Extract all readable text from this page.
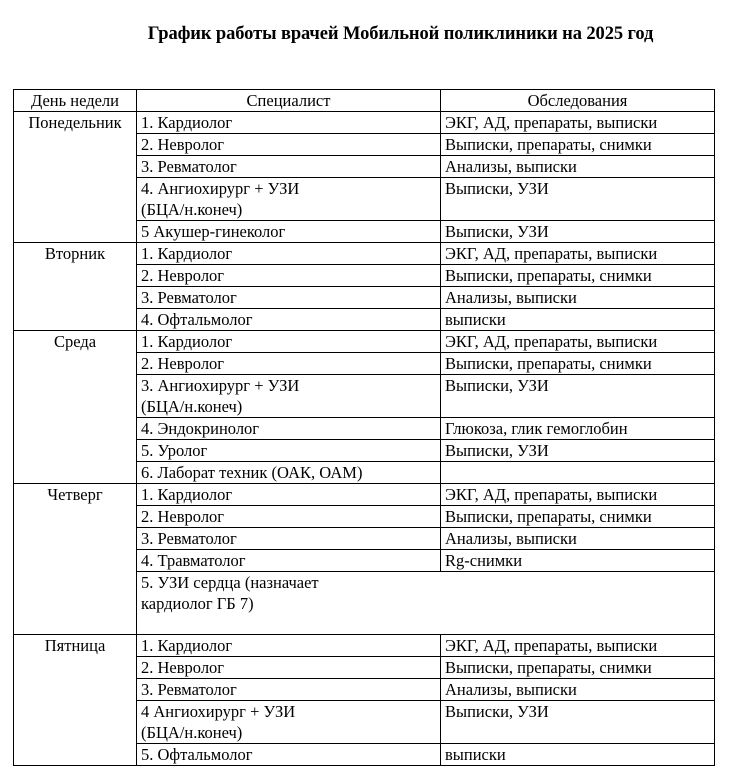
График работы врачей Мобильной поликлиники на 2025 год
День недели	Специалист	Обследования
Понедельник	1. Кардиолог	ЭКГ, АД, препараты, выписки

	2. Невролог	Выписки, препараты, снимки

	3. Ревматолог	Анализы, выписки

	4. Ангиохирург + УЗИ
(БЦА/н.конеч)	Выписки, УЗИ

	5 Акушер-гинеколог	Выписки, УЗИ
Вторник	1. Кардиолог	ЭКГ, АД, препараты, выписки

	2. Невролог	Выписки, препараты, снимки

	3. Ревматолог	Анализы, выписки

	4. Офтальмолог	выписки
Среда	1. Кардиолог	ЭКГ, АД, препараты, выписки

	2. Невролог	Выписки, препараты, снимки

	3. Ангиохирург + УЗИ
(БЦА/н.конеч)	Выписки, УЗИ

	4. Эндокринолог	Глюкоза, глик гемоглобин

	5. Уролог	Выписки, УЗИ

	6. Лаборат техник (ОАК, ОАМ)	

Четверг	1. Кардиолог	ЭКГ, АД, препараты, выписки

	2. Невролог	Выписки, препараты, снимки

	3. Ревматолог	Анализы, выписки

	4. Травматолог	Rg-снимки

	5. УЗИ сердца (назначает
кардиолог ГБ 7)	

Пятница	1. Кардиолог	ЭКГ, АД, препараты, выписки

	2. Невролог	Выписки, препараты, снимки

	3. Ревматолог	Анализы, выписки

	4 Ангиохирург + УЗИ
(БЦА/н.конеч)	Выписки, УЗИ

	5. Офтальмолог	выписки
